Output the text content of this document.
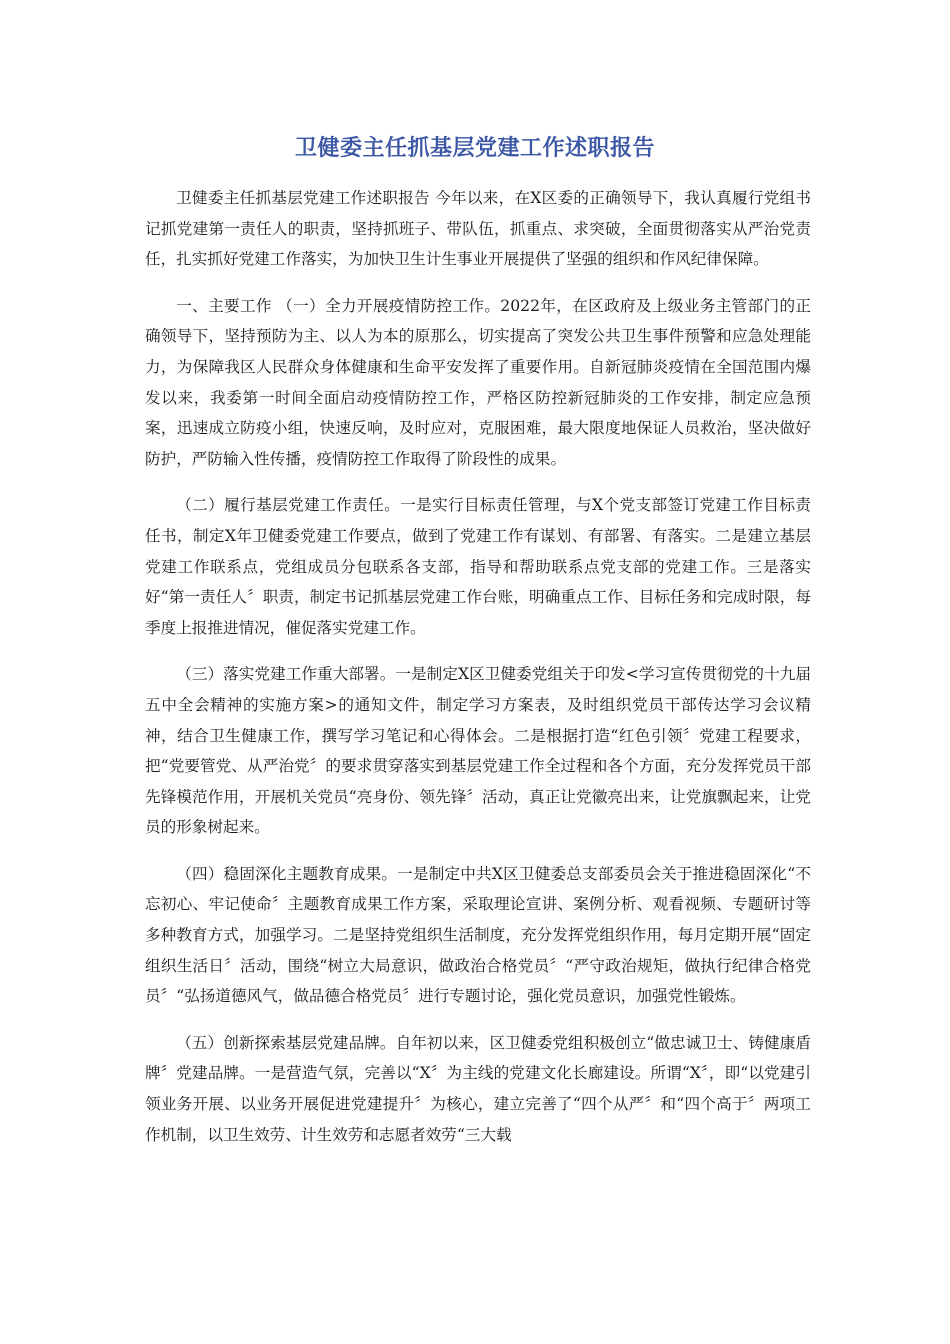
卫健委主任抓基层党建工作述职报告

卫健委主任抓基层党建工作述职报告 今年以来，在X区委的正确领导下，我认真履行党组书记抓党建第一责任人的职责，坚持抓班子、带队伍，抓重点、求突破，全面贯彻落实从严治党责任，扎实抓好党建工作落实，为加快卫生计生事业开展提供了坚强的组织和作风纪律保障。

一、主要工作 （一）全力开展疫情防控工作。2022年，在区政府及上级业务主管部门的正确领导下，坚持预防为主、以人为本的原那么，切实提高了突发公共卫生事件预警和应急处理能力，为保障我区人民群众身体健康和生命平安发挥了重要作用。自新冠肺炎疫情在全国范围内爆发以来，我委第一时间全面启动疫情防控工作，严格区防控新冠肺炎的工作安排，制定应急预案，迅速成立防疫小组，快速反响，及时应对，克服困难，最大限度地保证人员救治，坚决做好防护，严防输入性传播，疫情防控工作取得了阶段性的成果。

（二）履行基层党建工作责任。一是实行目标责任管理，与X个党支部签订党建工作目标责任书，制定X年卫健委党建工作要点，做到了党建工作有谋划、有部署、有落实。二是建立基层党建工作联系点，党组成员分包联系各支部，指导和帮助联系点党支部的党建工作。三是落实好“第一责任人〞职责，制定书记抓基层党建工作台账，明确重点工作、目标任务和完成时限，每季度上报推进情况，催促落实党建工作。

（三）落实党建工作重大部署。一是制定X区卫健委党组关于印发<学习宣传贯彻党的十九届五中全会精神的实施方案>的通知文件，制定学习方案表，及时组织党员干部传达学习会议精神，结合卫生健康工作，撰写学习笔记和心得体会。二是根据打造“红色引领〞党建工程要求，把“党要管党、从严治党〞的要求贯穿落实到基层党建工作全过程和各个方面，充分发挥党员干部先锋模范作用，开展机关党员“亮身份、领先锋〞活动，真正让党徽亮出来，让党旗飘起来，让党员的形象树起来。

（四）稳固深化主题教育成果。一是制定中共X区卫健委总支部委员会关于推进稳固深化“不忘初心、牢记使命〞主题教育成果工作方案，采取理论宣讲、案例分析、观看视频、专题研讨等多种教育方式，加强学习。二是坚持党组织生活制度，充分发挥党组织作用，每月定期开展“固定组织生活日〞活动，围绕“树立大局意识，做政治合格党员〞“严守政治规矩，做执行纪律合格党员〞“弘扬道德风气，做品德合格党员〞进行专题讨论，强化党员意识，加强党性锻炼。

（五）创新探索基层党建品牌。自年初以来，区卫健委党组积极创立“做忠诚卫士、铸健康盾牌〞党建品牌。一是营造气氛，完善以“X〞为主线的党建文化长廊建设。所谓“X〞，即“以党建引领业务开展、以业务开展促进党建提升〞为核心，建立完善了“四个从严〞和“四个高于〞两项工作机制，以卫生效劳、计生效劳和志愿者效劳“三大载
